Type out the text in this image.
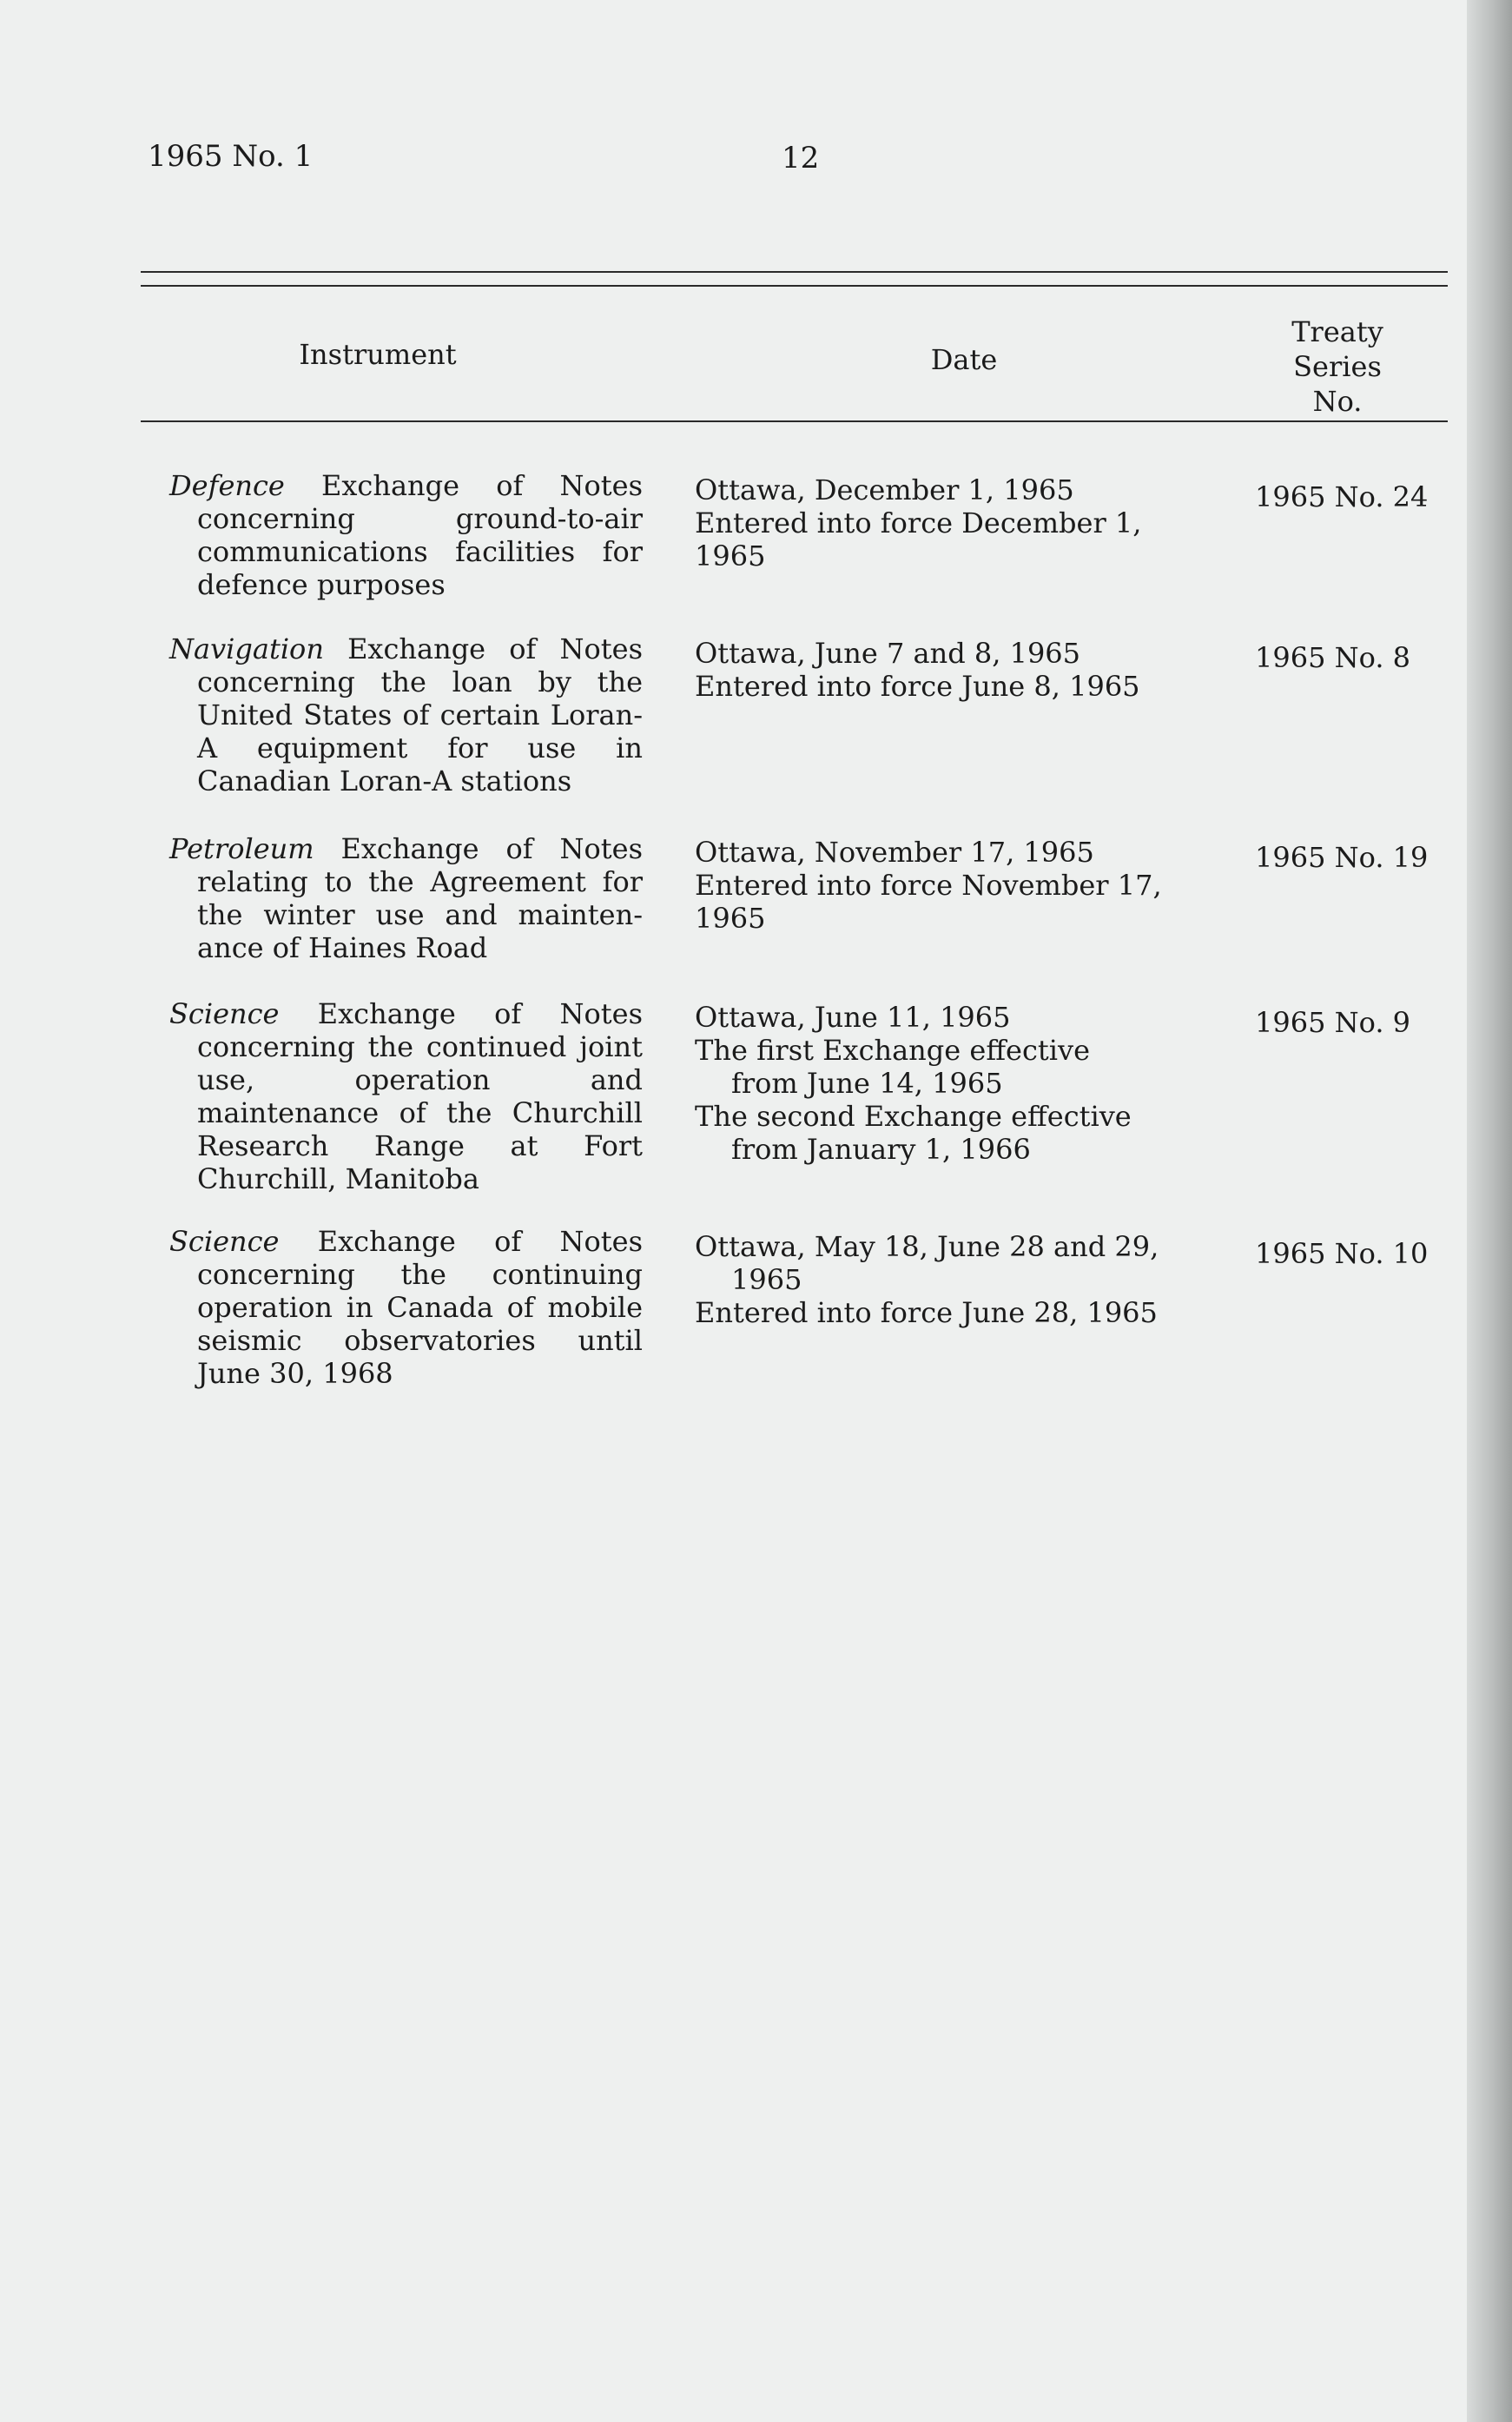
1965 No. 1	12
Instrument	Date
Treaty
Series
No.

Defence Exchange of Notes concerning ground-to-air communications facilities for defence purposes

Ottawa, December 1, 1965

Entered into force December 1,

1965

1965 No. 24

Navigation Exchange of Notes concerning the loan by the United States of certain Loran-A equipment for use in Canadian Loran-A stations

Ottawa, June 7 and 8, 1965

Entered into force June 8, 1965

1965 No. 8

Petroleum Exchange of Notes relating to the Agreement for the winter use and mainten-ance of Haines Road

Ottawa, November 17, 1965

Entered into force November 17,

1965

1965 No. 19

Science Exchange of Notes concerning the continued joint use, operation and maintenance of the Churchill Research Range at Fort Churchill, Manitoba

Ottawa, June 11, 1965

The first Exchange effective

from June 14, 1965

The second Exchange effective

from January 1, 1966

1965 No. 9

Science Exchange of Notes concerning the continuing operation in Canada of mobile seismic observatories until June 30, 1968

Ottawa, May 18, June 28 and 29,

1965

Entered into force June 28, 1965

1965 No. 10
